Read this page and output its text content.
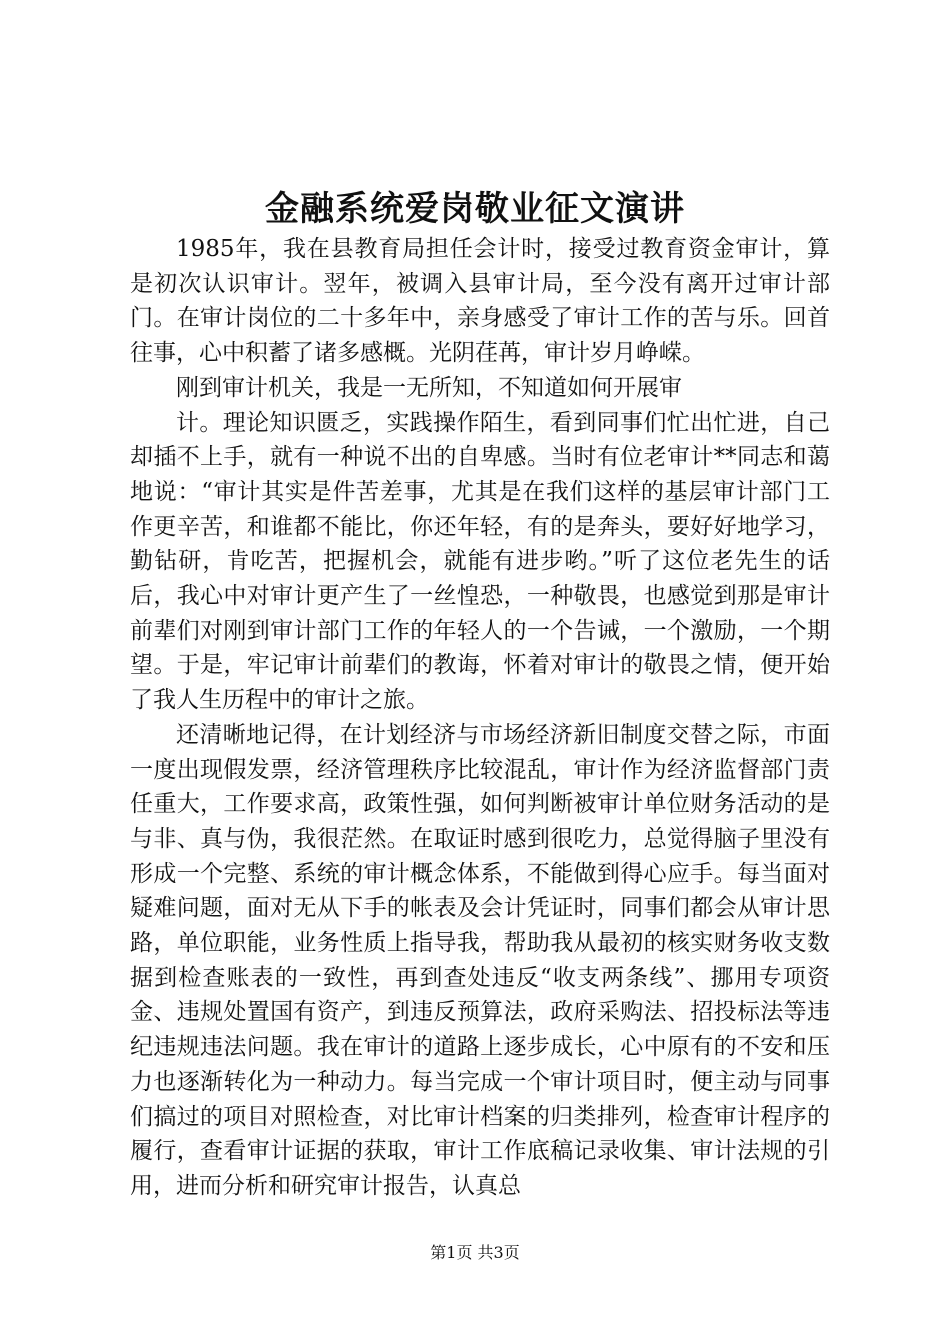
金融系统爱岗敬业征文演讲

1985年，我在县教育局担任会计时，接受过教育资金审计，算是初次认识审计。翌年，被调入县审计局，至今没有离开过审计部门。在审计岗位的二十多年中，亲身感受了审计工作的苦与乐。回首往事，心中积蓄了诸多感概。光阴荏苒，审计岁月峥嵘。

刚到审计机关，我是一无所知，不知道如何开展审

计。理论知识匮乏，实践操作陌生，看到同事们忙出忙进，自己却插不上手，就有一种说不出的自卑感。当时有位老审计**同志和蔼地说：“审计其实是件苦差事，尤其是在我们这样的基层审计部门工作更辛苦，和谁都不能比，你还年轻，有的是奔头，要好好地学习，勤钻研，肯吃苦，把握机会，就能有进步哟。”听了这位老先生的话后，我心中对审计更产生了一丝惶恐，一种敬畏，也感觉到那是审计前辈们对刚到审计部门工作的年轻人的一个告诫，一个激励，一个期望。于是，牢记审计前辈们的教诲，怀着对审计的敬畏之情，便开始了我人生历程中的审计之旅。

还清晰地记得，在计划经济与市场经济新旧制度交替之际，市面一度出现假发票，经济管理秩序比较混乱，审计作为经济监督部门责任重大，工作要求高，政策性强，如何判断被审计单位财务活动的是与非、真与伪，我很茫然。在取证时感到很吃力，总觉得脑子里没有形成一个完整、系统的审计概念体系，不能做到得心应手。每当面对疑难问题，面对无从下手的帐表及会计凭证时，同事们都会从审计思路，单位职能，业务性质上指导我，帮助我从最初的核实财务收支数据到检查账表的一致性，再到查处违反“收支两条线”、挪用专项资金、违规处置国有资产，到违反预算法，政府采购法、招投标法等违纪违规违法问题。我在审计的道路上逐步成长，心中原有的不安和压力也逐渐转化为一种动力。每当完成一个审计项目时，便主动与同事们搞过的项目对照检查，对比审计档案的归类排列，检查审计程序的履行，查看审计证据的获取，审计工作底稿记录收集、审计法规的引用，进而分析和研究审计报告，认真总

第1页 共3页
